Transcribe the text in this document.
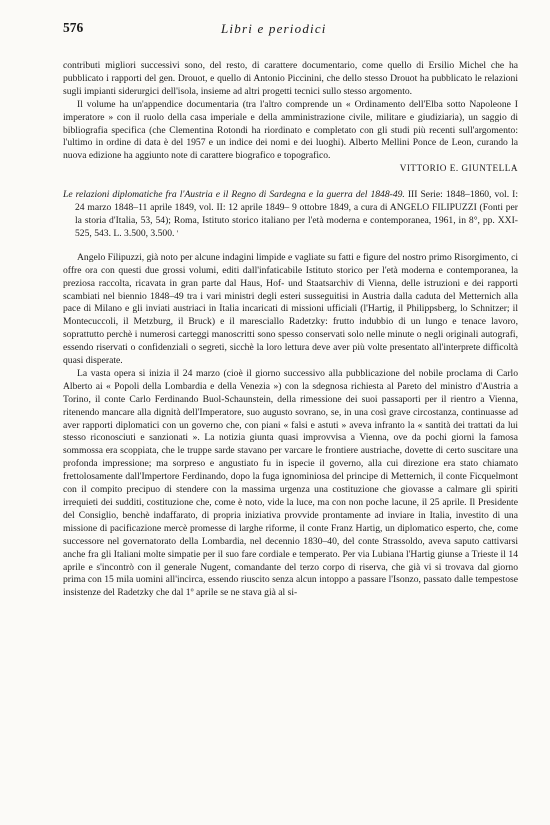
576	Libri e periodici

contributi migliori successivi sono, del resto, di carattere documentario, come quello di Ersilio Michel che ha pubblicato i rapporti del gen. Drouot, e quello di Antonio Piccinini, che dello stesso Drouot ha pubblicato le relazioni sugli impianti siderurgici dell'isola, insieme ad altri progetti tecnici sullo stesso argomento.

Il volume ha un'appendice documentaria (tra l'altro comprende un « Ordinamento dell'Elba sotto Napoleone I imperatore » con il ruolo della casa imperiale e della amministrazione civile, militare e giudiziaria), un saggio di bibliografia specifica (che Clementina Rotondi ha riordinato e completato con gli studi più recenti sull'argomento: l'ultimo in ordine di data è del 1957 e un indice dei nomi e dei luoghi). Alberto Mellini Ponce de Leon, curando la nuova edizione ha aggiunto note di carattere biografico e topografico.

VITTORIO E. GIUNTELLA

Le relazioni diplomatiche fra l'Austria e il Regno di Sardegna e la guerra del 1848-49. III Serie: 1848–1860, vol. I: 24 marzo 1848–11 aprile 1849, vol. II: 12 aprile 1849– 9 ottobre 1849, a cura di ANGELO FILIPUZZI (Fonti per la storia d'Italia, 53, 54); Roma, Istituto storico italiano per l'età moderna e contemporanea, 1961, in 8°, pp. XXI-525, 543. L. 3.500, 3.500. '

Angelo Filipuzzi, già noto per alcune indagini limpide e vagliate su fatti e figure del nostro primo Risorgimento, ci offre ora con questi due grossi volumi, editi dall'infaticabile Istituto storico per l'età moderna e contemporanea, la preziosa raccolta, ricavata in gran parte dal Haus, Hof- und Staatsarchiv di Vienna, delle istruzioni e dei rapporti scambiati nel biennio 1848–49 tra i vari ministri degli esteri susseguitisi in Austria dalla caduta del Metternich alla pace di Milano e gli inviati austriaci in Italia incaricati di missioni ufficiali (l'Hartig, il Philippsberg, lo Schnitzer; il Montecuccoli, il Metzburg, il Bruck) e il maresciallo Radetzky: frutto indubbio di un lungo e tenace lavoro, soprattutto perchè i numerosi carteggi manoscritti sono spesso conservati solo nelle minute o negli originali autografi, essendo riservati o confidenziali o segreti, sicchè la loro lettura deve aver più volte presentato all'interprete difficoltà quasi disperate.

La vasta opera si inizia il 24 marzo (cioè il giorno successivo alla pubblicazione del nobile proclama di Carlo Alberto ai « Popoli della Lombardia e della Venezia ») con la sdegnosa richiesta al Pareto del ministro d'Austria a Torino, il conte Carlo Ferdinando Buol-Schaunstein, della rimessione dei suoi passaporti per il rientro a Vienna, ritenendo mancare alla dignità dell'Imperatore, suo augusto sovrano, se, in una così grave circostanza, continuasse ad aver rapporti diplomatici con un governo che, con piani « falsi e astuti » aveva infranto la « santità dei trattati da lui stesso riconosciuti e sanzionati ». La notizia giunta quasi improvvisa a Vienna, ove da pochi giorni la famosa sommossa era scoppiata, che le truppe sarde stavano per varcare le frontiere austriache, dovette di certo suscitare una profonda impressione; ma sorpreso e angustiato fu in ispecie il governo, alla cui direzione era stato chiamato frettolosamente dall'Impertore Ferdinando, dopo la fuga ignominiosa del principe di Metternich, il conte Ficquelmont con il compito precipuo di stendere con la massima urgenza una costituzione che giovasse a calmare gli spiriti irrequieti dei sudditi, costituzione che, come è noto, vide la luce, ma con non poche lacune, il 25 aprile. Il Presidente del Consiglio, benchè indaffarato, di propria iniziativa provvide prontamente ad inviare in Italia, investito di una missione di pacificazione mercè promesse di larghe riforme, il conte Franz Hartig, un diplomatico esperto, che, come successore nel governatorato della Lombardia, nel decennio 1830–40, del conte Strassoldo, aveva saputo cattivarsi anche fra gli Italiani molte simpatie per il suo fare cordiale e temperato. Per via Lubiana l'Hartig giunse a Trieste il 14 aprile e s'incontrò con il generale Nugent, comandante del terzo corpo di riserva, che già vi si trovava dal giorno prima con 15 mila uomini all'incirca, essendo riuscito senza alcun intoppo a passare l'Isonzo, passato dalle tempestose insistenze del Radetzky che dal 1º aprile se ne stava già al si-
